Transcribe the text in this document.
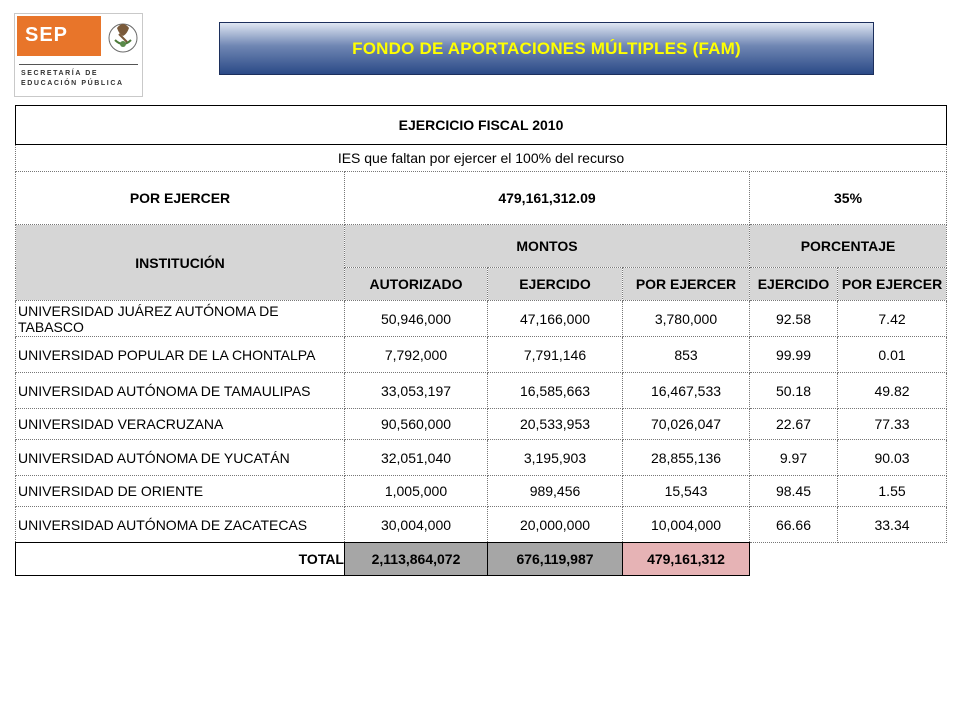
SEP
SECRETARÍA DE
EDUCACIÓN PÚBLICA
FONDO DE APORTACIONES MÚLTIPLES (FAM)
EJERCICIO FISCAL 2010					
IES que faltan por ejercer el 100% del recurso					
POR EJERCER	479,161,312.09			35%	
INSTITUCIÓN	MONTOS			PORCENTAJE	
	AUTORIZADO	EJERCIDO	POR EJERCER	EJERCIDO	POR EJERCER
UNIVERSIDAD JUÁREZ AUTÓNOMA DE TABASCO	50,946,000	47,166,000	3,780,000	92.58	7.42
UNIVERSIDAD POPULAR DE LA CHONTALPA	7,792,000	7,791,146	853	99.99	0.01
UNIVERSIDAD AUTÓNOMA DE TAMAULIPAS	33,053,197	16,585,663	16,467,533	50.18	49.82
UNIVERSIDAD VERACRUZANA	90,560,000	20,533,953	70,026,047	22.67	77.33
UNIVERSIDAD AUTÓNOMA DE YUCATÁN	32,051,040	3,195,903	28,855,136	9.97	90.03
UNIVERSIDAD DE ORIENTE	1,005,000	989,456	15,543	98.45	1.55
UNIVERSIDAD AUTÓNOMA DE ZACATECAS	30,004,000	20,000,000	10,004,000	66.66	33.34
TOTAL	2,113,864,072	676,119,987	479,161,312		
